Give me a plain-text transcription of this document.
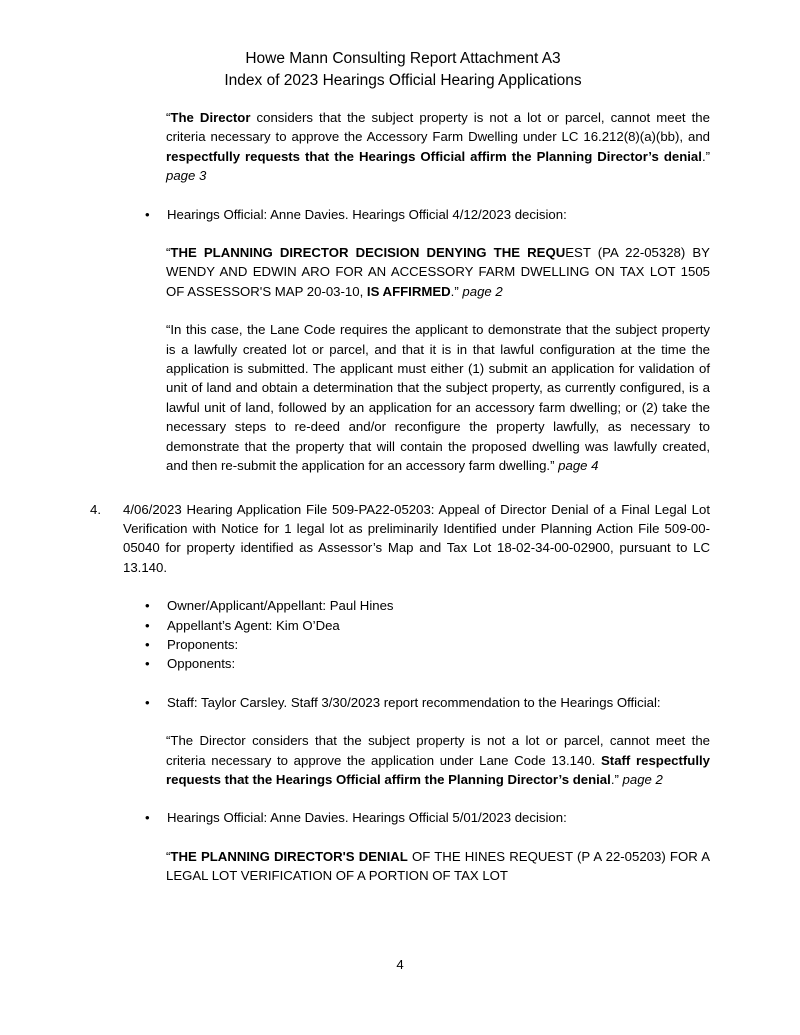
Howe Mann Consulting Report Attachment A3
Index of 2023 Hearings Official Hearing Applications
“The Director considers that the subject property is not a lot or parcel, cannot meet the criteria necessary to approve the Accessory Farm Dwelling under LC 16.212(8)(a)(bb), and respectfully requests that the Hearings Official affirm the Planning Director’s denial.” page 3
•	Hearings Official: Anne Davies. Hearings Official 4/12/2023 decision:
“THE PLANNING DIRECTOR DECISION DENYING THE REQUEST (PA 22-05328) BY WENDY AND EDWIN ARO FOR AN ACCESSORY FARM DWELLING ON TAX LOT 1505 OF ASSESSOR'S MAP 20-03-10, IS AFFIRMED.” page 2
“In this case, the Lane Code requires the applicant to demonstrate that the subject property is a lawfully created lot or parcel, and that it is in that lawful configuration at the time the application is submitted. The applicant must either (1) submit an application for validation of unit of land and obtain a determination that the subject property, as currently configured, is a lawful unit of land, followed by an application for an accessory farm dwelling; or (2) take the necessary steps to re-deed and/or reconfigure the property lawfully, as necessary to demonstrate that the property that will contain the proposed dwelling was lawfully created, and then re-submit the application for an accessory farm dwelling.” page 4
4.	4/06/2023 Hearing Application File 509-PA22-05203: Appeal of Director Denial of a Final Legal Lot Verification with Notice for 1 legal lot as preliminarily Identified under Planning Action File 509-00-05040 for property identified as Assessor’s Map and Tax Lot 18-02-34-00-02900, pursuant to LC 13.140.
•	Owner/Applicant/Appellant: Paul Hines
•	Appellant’s Agent: Kim O’Dea
•	Proponents:
•	Opponents:
•	Staff: Taylor Carsley. Staff 3/30/2023 report recommendation to the Hearings Official:
“The Director considers that the subject property is not a lot or parcel, cannot meet the criteria necessary to approve the application under Lane Code 13.140. Staff respectfully requests that the Hearings Official affirm the Planning Director’s denial.” page 2
•	Hearings Official: Anne Davies. Hearings Official 5/01/2023 decision:
“THE PLANNING DIRECTOR'S DENIAL OF THE HINES REQUEST (P A 22-05203) FOR A LEGAL LOT VERIFICATION OF A PORTION OF TAX LOT
4
